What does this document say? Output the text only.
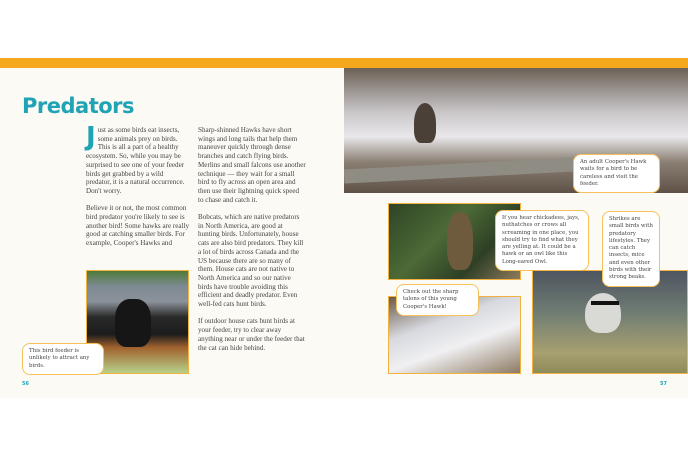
Predators

Just as some birds eat insects, some animals prey on birds. This is all a part of a healthy ecosystem. So, while you may be surprised to see one of your feeder birds get grabbed by a wild predator, it is a natural occurrence. Don't worry.

Believe it or not, the most common bird predator you're likely to see is another bird! Some hawks are really good at catching smaller birds. For example, Cooper's Hawks and

Sharp-shinned Hawks have short wings and long tails that help them maneuver quickly through dense branches and catch flying birds. Merlins and small falcons use another technique — they wait for a small bird to fly across an open area and then use their lightning quick speed to chase and catch it.

Bobcats, which are native predators in North America, are good at hunting birds. Unfortunately, house cats are also bird predators. They kill a lot of birds across Canada and the US because there are so many of them. House cats are not native to North America and so our native birds have trouble avoiding this efficient and deadly predator. Even well-fed cats hunt birds.

If outdoor house cats hunt birds at your feeder, try to clear away anything near or under the feeder that the cat can hide behind.

This bird feeder is unlikely to attract any birds.
An adult Cooper's Hawk waits for a bird to be careless and visit the feeder.
If you hear chickadees, jays, nuthatches or crows all screaming in one place, you should try to find what they are yelling at. It could be a hawk or an owl like this Long-eared Owl.
Check out the sharp talons of this young Cooper's Hawk!
Shrikes are small birds with predatory lifestyles. They can catch insects, mice and even other birds with their strong beaks.
56	57
